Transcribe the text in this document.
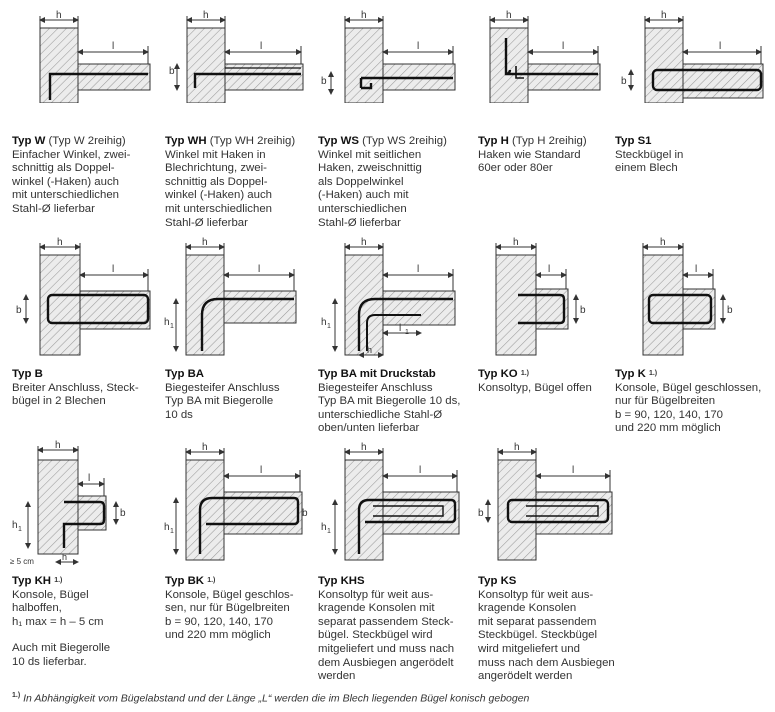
h
l
h
l
b
h
l
b
h
l
h
l
b
Typ W (Typ W 2reihig)
Einfacher Winkel, zwei-
schnittig als Doppel-
winkel (-Haken) auch
mit unterschiedlichen
Stahl-Ø lieferbar
Typ WH (Typ WH 2reihig)
Winkel mit Haken in
Blechrichtung, zwei-
schnittig als Doppel-
winkel (-Haken) auch
mit unterschiedlichen
Stahl-Ø lieferbar
Typ WS (Typ WS 2reihig)
Winkel mit seitlichen
Haken, zweischnittig
als Doppelwinkel
(-Haken) auch mit
unterschiedlichen
Stahl-Ø lieferbar
Typ H (Typ H 2reihig)
Haken wie Standard
60er oder 80er
Typ S1
Steckbügel in
einem Blech
h
l
b
h
l
h 1
h
l
l 1
h 1
h
h
l
b
h
l
b
Typ B
Breiter Anschluss, Steck-
bügel in 2 Blechen
Typ BA
Biegesteifer Anschluss
Typ BA mit Biegerolle
10 ds
Typ BA mit Druckstab
Biegesteifer Anschluss
Typ BA mit Biegerolle 10 ds,
unterschiedliche Stahl-Ø
oben/unten lieferbar
Typ KO $^{1.)}$
Konsoltyp, Bügel offen
Typ K $^{1.)}$
Konsole, Bügel geschlossen,
nur für Bügelbreiten
b = 90, 120, 140, 170
und 220 mm möglich
h
l
b
h 1
≥ 5 cm	h
h
l
h 1
b
h
l
h 1
h
l
b
Typ KH $^{1.)}$
Konsole, Bügel
halboffen,
h₁ max = h – 5 cm
Auch mit Biegerolle
10 ds lieferbar.
Typ BK $^{1.)}$
Konsole, Bügel geschlos-
sen, nur für Bügelbreiten
b = 90, 120, 140, 170
und 220 mm möglich
Typ KHS
Konsoltyp für weit aus-
kragende Konsolen mit
separat passendem Steck-
bügel. Steckbügel wird
mitgeliefert und muss nach
dem Ausbiegen angerödelt
werden
Typ KS
Konsoltyp für weit aus-
kragende Konsolen
mit separat passendem
Steckbügel. Steckbügel
wird mitgeliefert und
muss nach dem Ausbiegen
angerödelt werden
$^{1.)}$ In Abhängigkeit vom Bügelabstand und der Länge „L“ werden die im Blech liegenden Bügel konisch gebogen
